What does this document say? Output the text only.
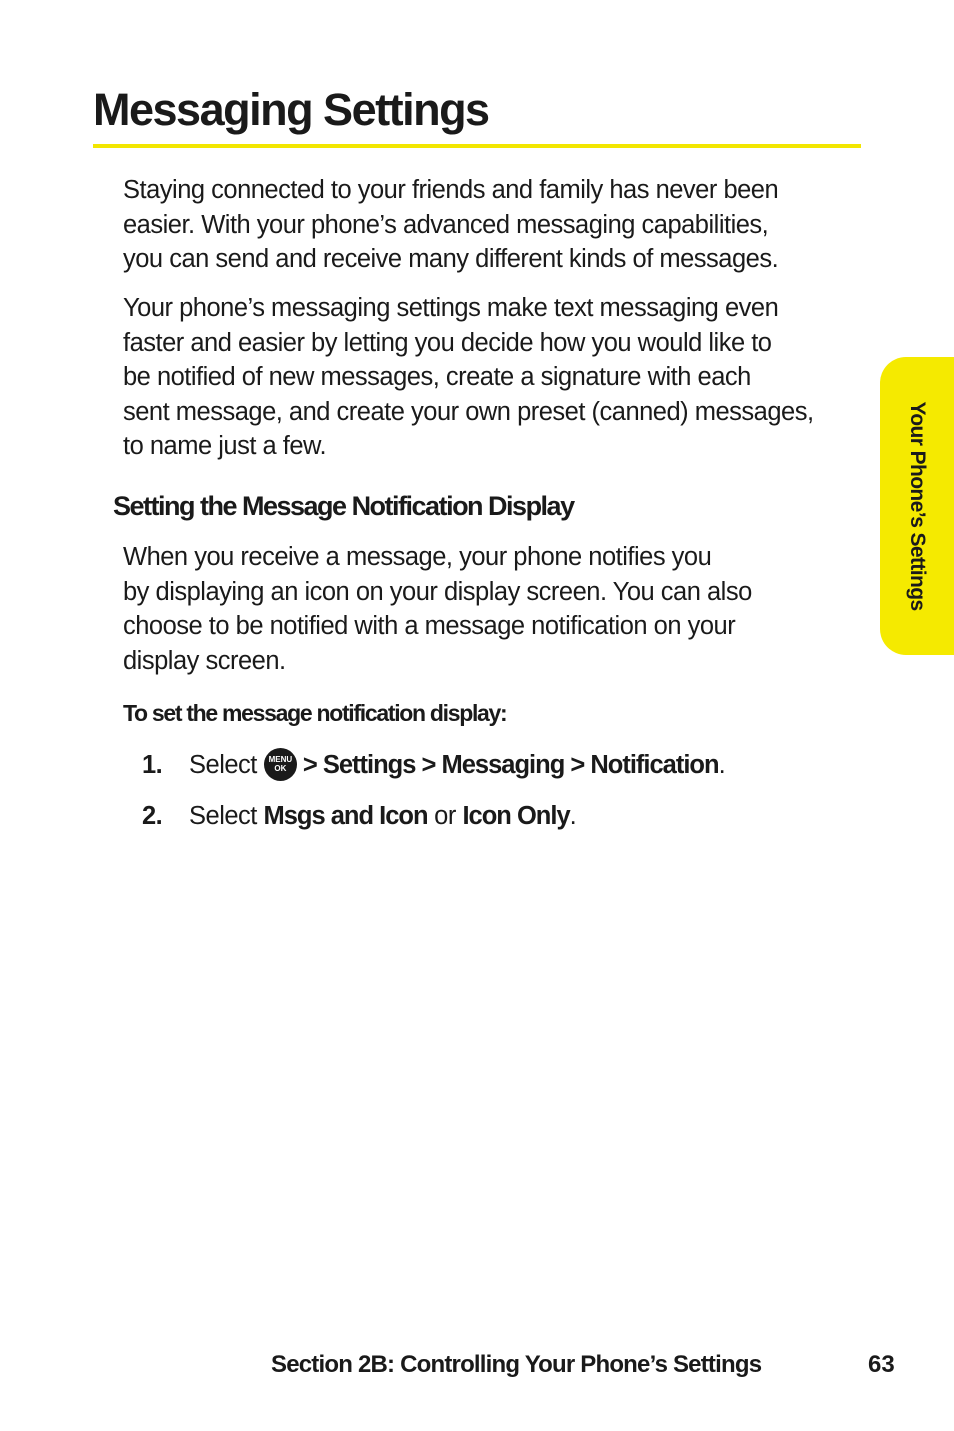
Messaging Settings

Staying connected to your friends and family has never been
easier. With your phone’s advanced messaging capabilities,
you can send and receive many different kinds of messages.

Your phone’s messaging settings make text messaging even
faster and easier by letting you decide how you would like to
be notified of new messages, create a signature with each
sent message, and create your own preset (canned) messages,
to name just a few.

Setting the Message Notification Display

When you receive a message, your phone notifies you
by displaying an icon on your display screen. You can also
choose to be notified with a message notification on your
display screen.

To set the message notification display:

1.	Select	MENU
OK > Settings > Messaging > Notification .
2.	Select
Msgs and Icon
or
Icon Only .
Your Phone’s Settings
Section 2B: Controlling Your Phone’s Settings	63
